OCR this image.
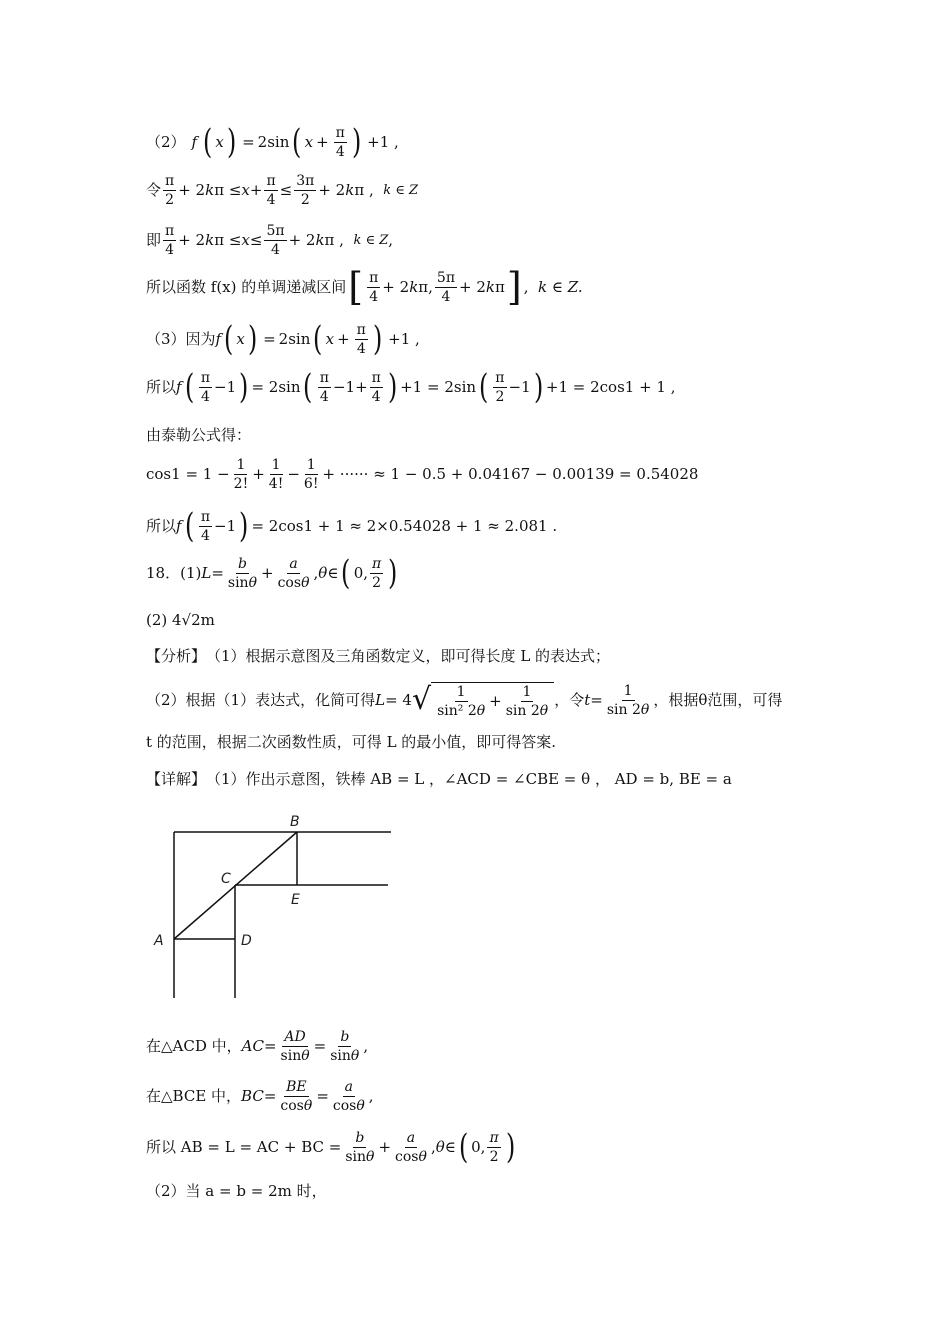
（2） f
  ( x )  = 2sin ( $x + \frac{\pi}{4}$ )  +1 ,
令 $\frac{\pi}{2} + 2$ k $\pi \le x + \frac{\pi}{4} \le \frac{3\pi}{2} + 2$ k π , k ∈ Z
即 $\frac{\pi}{4} + 2$ k $\pi \le x \le \frac{5\pi}{4} + 2$ k π , k ∈ Z ,
所以函数 f(x) 的单调递减区间 [ $\frac{\pi}{4} + 2$ k π, $\frac{5\pi}{4} + 2$ k π ] , k ∈ Z.
（3）因为 f ( x )  = 2sin ( $x + \frac{\pi}{4}$ )  +1 ,
所以 f ( $\frac{\pi}{4} -1$ ) = 2sin ( $\frac{\pi}{4} -1+ \frac{\pi}{4}$ ) +1 = 2sin ( $\frac{\pi}{2} -1$ ) +1 = 2cos1 + 1 ,
由泰勒公式得：
$\cos 1 = 1 - \frac{1}{2!} + \frac{1}{4!} - \frac{1}{6!}$ + ······ ≈ 1 − 0.5 + 0.04167 − 0.00139 = 0.54028
所以 f ( $\frac{\pi}{4} -1$ ) = 2cos1 + 1 ≈ 2×0.54028 + 1 ≈ 2.081 .
18．(1) $L = \frac{b}{\sin\theta} + \frac{a}{\cos\theta}$ , θ ∈ ( 0, $\frac{\pi}{2}$ )
(2) 4√2m
【分析】 （1）根据示意图及三角函数定义，即可得长度 L 的表达式；
（2）根据（1）表达式，化简可得 L = 4 √ $\frac{1}{\text{sin² 2θ}} + \frac{1}{\sin 2\theta}$ ，令 $t = \frac{1}{\sin 2\theta}$ ，根据θ范围，可得
t 的范围，根据二次函数性质，可得 L 的最小值，即可得答案.
【详解】 （1）作出示意图，铁棒 AB = L ，∠ACD = ∠CBE = θ ， AD = b, BE = a
A
B
C
D
E
在△ACD 中， AC = $\frac{AD}{\sin\theta} = \frac{b}{\sin\theta}$ ,
在△BCE 中， BC = $\frac{BE}{\cos\theta} = \frac{a}{\cos\theta}$ ,
所以 AB = L = AC + BC = $\frac{b}{\sin\theta} + \frac{a}{\cos\theta}$ , θ ∈ ( 0, $\frac{\pi}{2}$ )
（2）当 a = b = 2m 时，
